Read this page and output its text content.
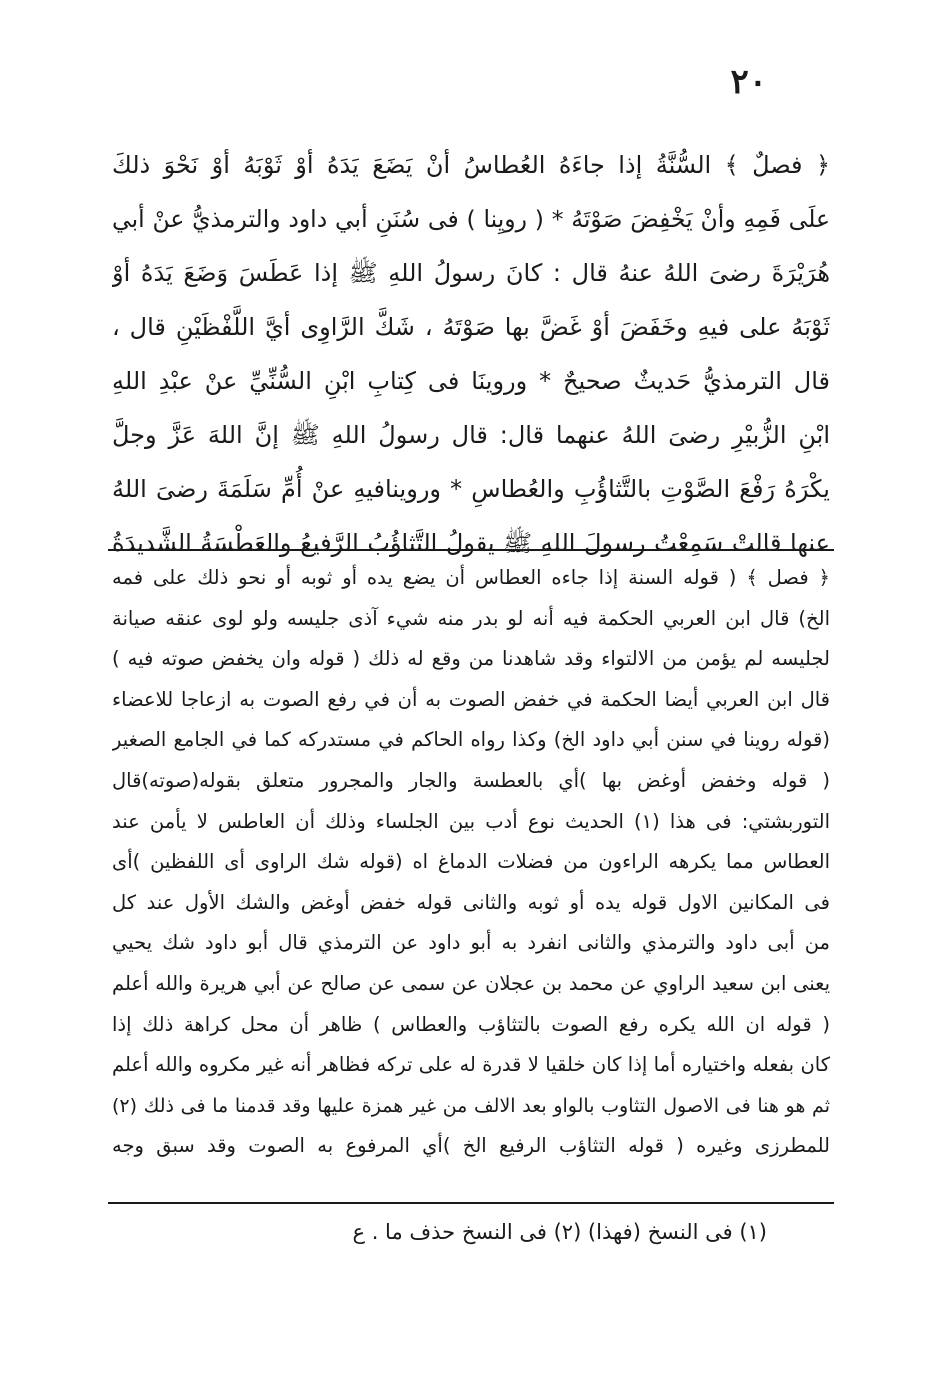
٢٠
﴿ فصلٌ ﴾ السُّنَّةُ إذا جاءَهُ العُطاسُ أنْ يَضَعَ يَدَهُ أوْ ثَوْبَهُ أوْ نَحْوَ ذلكَ
علَى فَمِهِ وأنْ يَخْفِضَ صَوْتَهُ * ( رويِنا ) فى سُنَنِ أبي داود والترمذيُّ عنْ أبي
هُرَيْرَةَ رضىَ اللهُ عنهُ قال : كانَ رسولُ اللهِ ﷺ إذا عَطَسَ وَضَعَ يَدَهُ أوْ
ثَوْبَهُ على فيهِ وخَفَضَ أوْ غَضَّ بها صَوْتَهُ ، شَكَّ الرَّاوِى أيَّ اللَّفْظَيْنِ قال ،
قال الترمذيُّ حَديثٌ صحيحٌ * وروينَا فى كِتابِ ابْنِ السُّنِّيِّ عنْ عبْدِ اللهِ
ابْنِ الزُّبيْرِ رضىَ اللهُ عنهما قال: قال رسولُ اللهِ ﷺ إنَّ اللهَ عَزَّ وجلَّ
يكْرَهُ رَفْعَ الصَّوْتِ بالتَّثاؤُبِ والعُطاسِ * وروينافيهِ عنْ أُمِّ سَلَمَةَ رضىَ اللهُ
عنها قالتْ سَمِعْتُ رسولَ اللهِ ﷺ يقولُ التَّثاؤُبُ الرَّفيعُ والعَطْسَةُ الشَّديدَةُ
﴿ فصل ﴾ ( قوله السنة إذا جاءه العطاس أن يضع يده أو ثوبه أو نحو ذلك على فمه
الخ) قال ابن العربي الحكمة فيه أنه لو بدر منه شيء آذى جليسه ولو لوى عنقه صيانة
لجليسه لم يؤمن من الالتواء وقد شاهدنا من وقع له ذلك ( قوله وان يخفض صوته فيه )
قال ابن العربي أيضا الحكمة في خفض الصوت به أن في رفع الصوت به ازعاجا للاعضاء
(قوله روينا في سنن أبي داود الخ) وكذا رواه الحاكم في مستدركه كما في الجامع الصغير
( قوله وخفض أوغض بها )أي بالعطسة والجار والمجرور متعلق بقوله(صوته)قال
التوربشتي: فى هذا (١) الحديث نوع أدب بين الجلساء وذلك أن العاطس لا يأمن عند
العطاس مما يكرهه الراءون من فضلات الدماغ اه (قوله شك الراوى أى اللفظين )أى
فى المكانين الاول قوله يده أو ثوبه والثانى قوله خفض أوغض والشك الأول عند كل
من أبى داود والترمذي والثانى انفرد به أبو داود عن الترمذي قال أبو داود شك يحيي
يعنى ابن سعيد الراوي عن محمد بن عجلان عن سمى عن صالح عن أبي هريرة والله أعلم
( قوله ان الله يكره رفع الصوت بالتثاؤب والعطاس ) ظاهر أن محل كراهة ذلك إذا
كان بفعله واختياره أما إذا كان خلقيا لا قدرة له على تركه فظاهر أنه غير مكروه والله أعلم
ثم هو هنا فى الاصول التثاوب بالواو بعد الالف من غير همزة عليها وقد قدمنا ما فى ذلك (٢)
للمطرزى وغيره ( قوله التثاؤب الرفيع الخ )أي المرفوع به الصوت وقد سبق وجه
(١) فى النسخ (فهذا) (٢) فى النسخ حذف ما . ع
